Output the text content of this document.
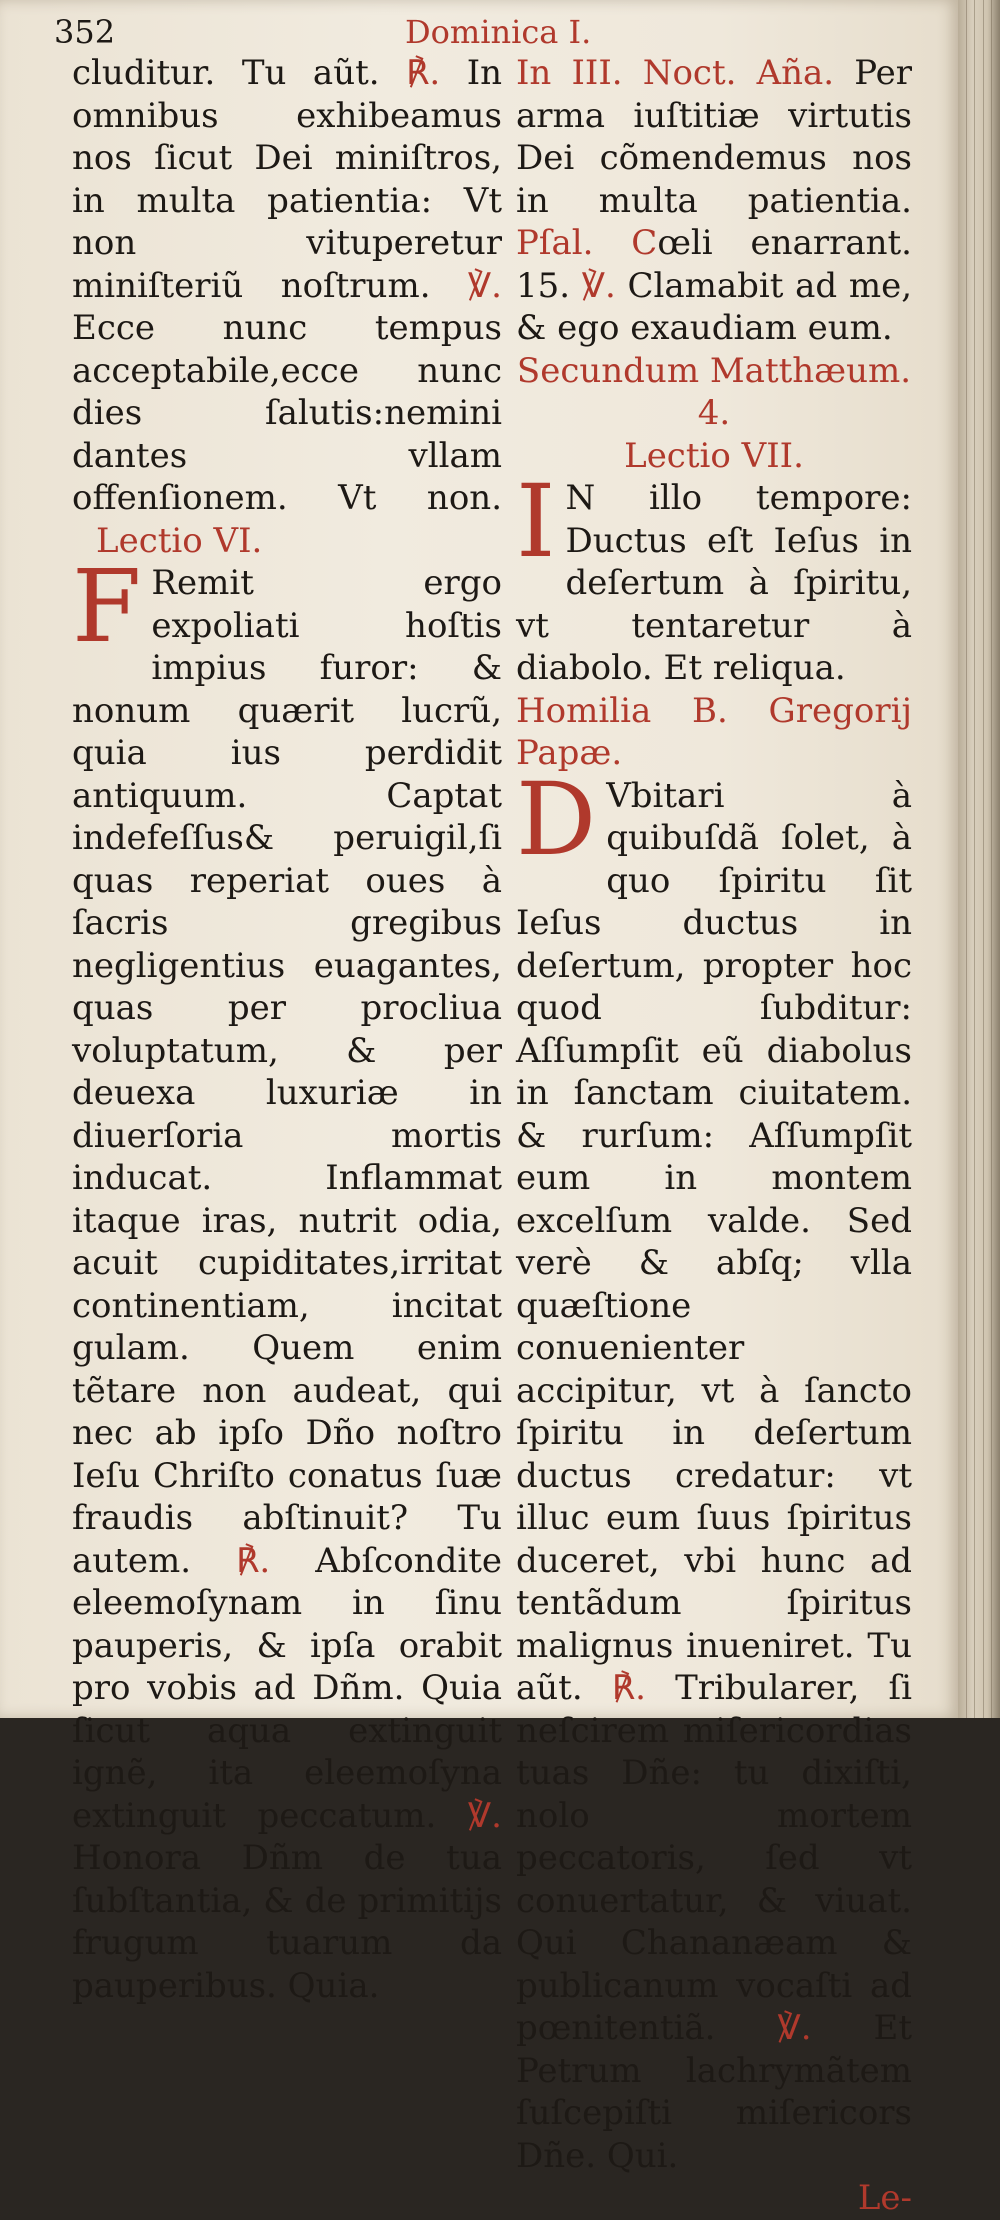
352	Dominica I.

cluditur. Tu aũt. ℟. In omnibus exhibeamus nos ſicut Dei miniſtros, in multa patientia: Vt non vituperetur miniſteriũ noſtrum. ℣. Ecce nunc tempus acceptabile,ecce nunc dies ſalutis:nemini dantes vllam offenſionem. Vt non. Lectio VI.

F Remit ergo expoliati hoſtis impius furor: & nonum quærit lucrũ, quia ius perdidit antiquum. Captat indefeſſus& peruigil,ſi quas reperiat oues à ſacris gregibus negligentius euagantes, quas per procliua voluptatum, & per deuexa luxuriæ in diuerſoria mortis inducat. Inflammat itaque iras, nutrit odia, acuit cupiditates,irritat continentiam, incitat gulam. Quem enim tẽtare non audeat, qui nec ab ipſo Dño noſtro Ieſu Chriſto conatus ſuæ fraudis abſtinuit? Tu autem. ℟. Abſcondite eleemoſynam in ſinu pauperis, & ipſa orabit pro vobis ad Dñm. Quia ſicut aqua extinguit ignẽ, ita eleemoſyna extinguit peccatum. ℣. Honora Dñm de tua ſubſtantia, & de primitijs frugum tuarum da pauperibus. Quia.

In III. Noct. Aña. Per arma iuſtitiæ virtutis Dei cõmendemus nos in multa patientia. Pſal. Cœli enarrant. 15. ℣. Clamabit ad me, & ego exaudiam eum.

Secundum Matthæum. 4.

Lectio VII.

I N illo tempore: Ductus eſt Ieſus in deſertum à ſpiritu, vt tentaretur à diabolo. Et reliqua.

Homilia B. Gregorij Papæ.

D Vbitari à quibuſdã ſolet, à quo ſpiritu ſit Ieſus ductus in deſertum, propter hoc quod ſubditur: Aſſumpſit eũ diabolus in ſanctam ciuitatem. & rurſum: Aſſumpſit eum in montem excelſum valde. Sed verè & abſq; vlla quæſtione conuenienter accipitur, vt à ſancto ſpiritu in deſertum ductus credatur: vt illuc eum ſuus ſpiritus duceret, vbi hunc ad tentãdum ſpiritus malignus inueniret. Tu aũt. ℟. Tribularer, ſi neſcirem miſericordias tuas Dñe: tu dixiſti, nolo mortem peccatoris, ſed vt conuertatur, & viuat. Qui Chananæam & publicanum vocaſti ad pœnitentiã. ℣. Et Petrum lachrymãtem ſuſcepiſti miſericors Dñe. Qui.

Le-
